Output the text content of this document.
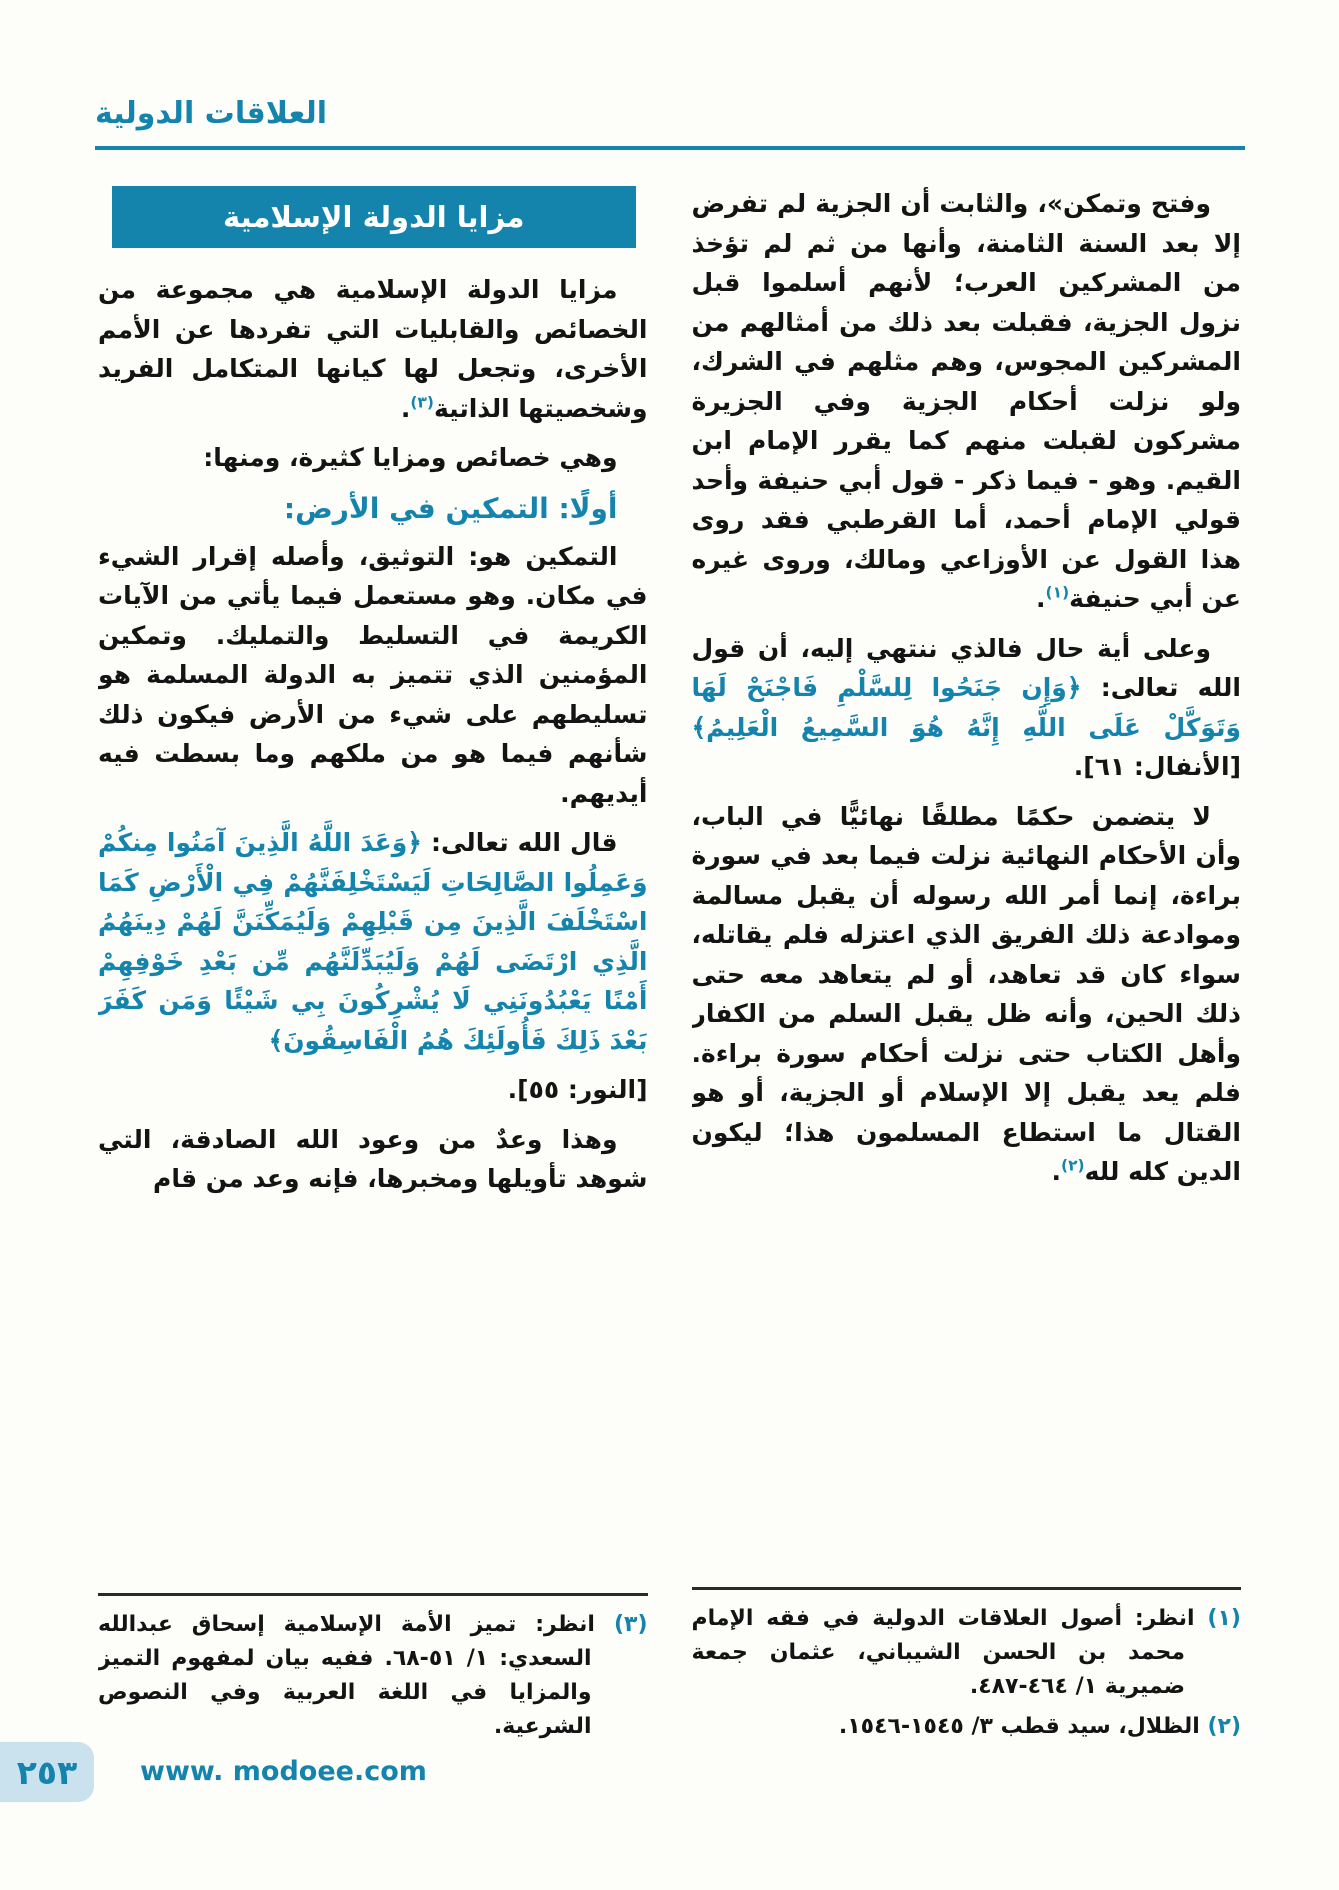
العلاقات الدولية

وفتح وتمكن»، والثابت أن الجزية لم تفرض إلا بعد السنة الثامنة، وأنها من ثم لم تؤخذ من المشركين العرب؛ لأنهم أسلموا قبل نزول الجزية، فقبلت بعد ذلك من أمثالهم من المشركين المجوس، وهم مثلهم في الشرك، ولو نزلت أحكام الجزية وفي الجزيرة مشركون لقبلت منهم كما يقرر الإمام ابن القيم. وهو - فيما ذكر - قول أبي حنيفة وأحد قولي الإمام أحمد، أما القرطبي فقد روى هذا القول عن الأوزاعي ومالك، وروى غيره عن أبي حنيفة$^{(١)}$.

وعلى أية حال فالذي ننتهي إليه، أن قول الله تعالى: ﴿وَإِن جَنَحُوا لِلسَّلْمِ فَاجْنَحْ لَهَا وَتَوَكَّلْ عَلَى اللَّهِ إِنَّهُ هُوَ السَّمِيعُ الْعَلِيمُ﴾ [الأنفال: ٦١].

لا يتضمن حكمًا مطلقًا نهائيًّا في الباب، وأن الأحكام النهائية نزلت فيما بعد في سورة براءة، إنما أمر الله رسوله أن يقبل مسالمة وموادعة ذلك الفريق الذي اعتزله فلم يقاتله، سواء كان قد تعاهد، أو لم يتعاهد معه حتى ذلك الحين، وأنه ظل يقبل السلم من الكفار وأهل الكتاب حتى نزلت أحكام سورة براءة. فلم يعد يقبل إلا الإسلام أو الجزية، أو هو القتال ما استطاع المسلمون هذا؛ ليكون الدين كله لله$^{(٢)}$.

(١) انظر: أصول العلاقات الدولية في فقه الإمام محمد بن الحسن الشيباني، عثمان جمعة ضميرية ١/ ٤٦٤-٤٨٧.
(٢) الظلال، سيد قطب ٣/ ١٥٤٥-١٥٤٦.
مزايا الدولة الإسلامية

مزايا الدولة الإسلامية هي مجموعة من الخصائص والقابليات التي تفردها عن الأمم الأخرى، وتجعل لها كيانها المتكامل الفريد وشخصيتها الذاتية$^{(٣)}$.

وهي خصائص ومزايا كثيرة، ومنها:

أولًا: التمكين في الأرض:

التمكين هو: التوثيق، وأصله إقرار الشيء في مكان. وهو مستعمل فيما يأتي من الآيات الكريمة في التسليط والتمليك. وتمكين المؤمنين الذي تتميز به الدولة المسلمة هو تسليطهم على شيء من الأرض فيكون ذلك شأنهم فيما هو من ملكهم وما بسطت فيه أيديهم.

قال الله تعالى: ﴿وَعَدَ اللَّهُ الَّذِينَ آمَنُوا مِنكُمْ وَعَمِلُوا الصَّالِحَاتِ لَيَسْتَخْلِفَنَّهُمْ فِي الْأَرْضِ كَمَا اسْتَخْلَفَ الَّذِينَ مِن قَبْلِهِمْ وَلَيُمَكِّنَنَّ لَهُمْ دِينَهُمُ الَّذِي ارْتَضَى لَهُمْ وَلَيُبَدِّلَنَّهُم مِّن بَعْدِ خَوْفِهِمْ أَمْنًا يَعْبُدُونَنِي لَا يُشْرِكُونَ بِي شَيْئًا وَمَن كَفَرَ بَعْدَ ذَلِكَ فَأُولَئِكَ هُمُ الْفَاسِقُونَ﴾

[النور: ٥٥].

وهذا وعدٌ من وعود الله الصادقة، التي شوهد تأويلها ومخبرها، فإنه وعد من قام

(٣) انظر: تميز الأمة الإسلامية إسحاق عبدالله السعدي: ١/ ٥١-٦٨. ففيه بيان لمفهوم التميز والمزايا في اللغة العربية وفي النصوص الشرعية.
٢٥٣ www. modoee.com
